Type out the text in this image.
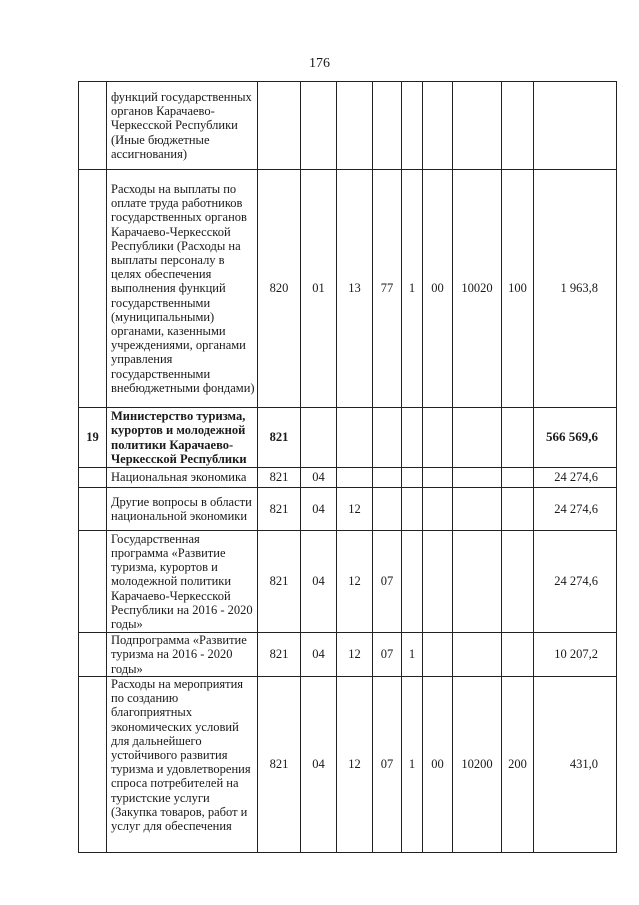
176
	функций государственных органов Карачаево-Черкесской Республики (Иные бюджетные ассигнования)									
	Расходы на выплаты по оплате труда работников государственных органов Карачаево-Черкесской Республики (Расходы на выплаты персоналу в целях обеспечения выполнения функций государственными (муниципальными) органами, казенными учреждениями, органами управления государственными внебюджетными фондами)	820	01	13	77	1	00	10020	100	1 963,8
19	Министерство туризма, курортов и молодежной политики Карачаево-Черкесской Республики	821								566 569,6
	Национальная экономика	821	04							24 274,6
	Другие вопросы в области национальной экономики	821	04	12						24 274,6
	Государственная программа «Развитие туризма, курортов и молодежной политики Карачаево-Черкесской Республики на 2016 - 2020 годы»	821	04	12	07					24 274,6
	Подпрограмма «Развитие туризма на 2016 - 2020 годы»	821	04	12	07	1				10 207,2
	Расходы на мероприятия по созданию благоприятных экономических условий для дальнейшего устойчивого развития туризма и удовлетворения спроса потребителей на туристские услуги (Закупка товаров, работ и услуг для обеспечения	821	04	12	07	1	00	10200	200	431,0
